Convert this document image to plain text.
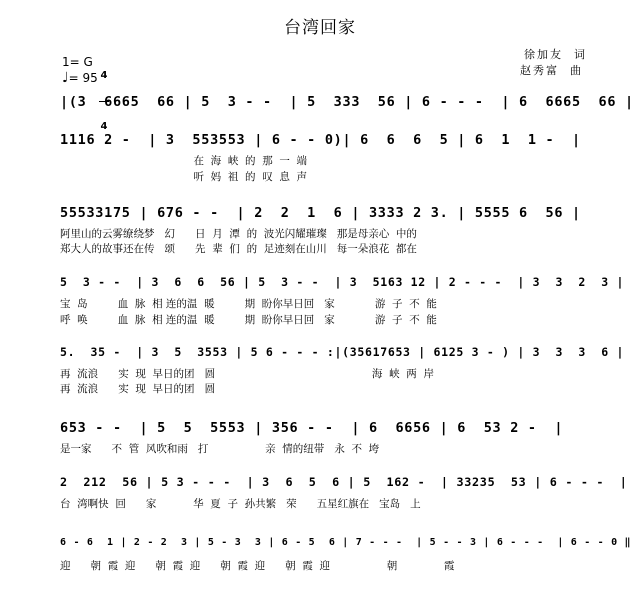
台湾回家
徐加友  词
赵秀富  曲
1= G

4

4

♩= 95
|(3  6665  66 | 5  3 - -  | 5  333  56 | 6 - - -  | 6  6665  66 |
1116 2 -  | 3  553553 | 6 - - 0)| 6  6  6  5 | 6  1  1 -  |
在  海  峡  的  那  一  端
听  妈  祖  的  叹  息  声
55533175 | 676 - -  | 2  2  1  6 | 3333 2 3. | 5555 6  56 |
阿里山的云雾缭绕梦   幻      日  月  潭  的  波光闪耀璀璨   那是母亲心  中的
郑大人的故事还在传   颂      先  辈  们  的  足迹刻在山川   每一朵浪花  都在
5  3 - -  | 3  6  6  56 | 5  3 - -  | 3  5163 12 | 2 - - -  | 3  3  2  3 |
宝  岛         血  脉  相 连的温  暖         期  盼你早日回   家            游  子  不  能
呼  唤         血  脉  相 连的温  暖         期  盼你早日回   家            游  子  不  能
5.  35 -  | 3  5  3553 | 5 6 - - - :|(35617653 | 6125 3 - ) | 3  3  3  6 |
再  流浪      实  现  早日的团   圆                                               海  峡  两  岸
再  流浪      实  现  早日的团   圆
653 - -  | 5  5  5553 | 356 - -  | 6  6656 | 6  53 2 -  |
是一家      不  管  风吹和雨   打                 亲  情的纽带   永  不  垮
2  212  56 | 5 3 - - -  | 3  6  5  6 | 5  162 -  | 33235  53 | 6 - - -  |
台  湾啊快  回      家           华  夏  子  孙共繁   荣      五星红旗在   宝岛   上
6 - 6  1 | 2 - 2  3 | 5 - 3  3 | 6 - 5  6 | 7 - - -  | 5 - - 3 | 6 - - -  | 6 - - 0 ‖
迎      朝  霞  迎      朝  霞  迎      朝  霞  迎      朝  霞  迎                 朝              霞
